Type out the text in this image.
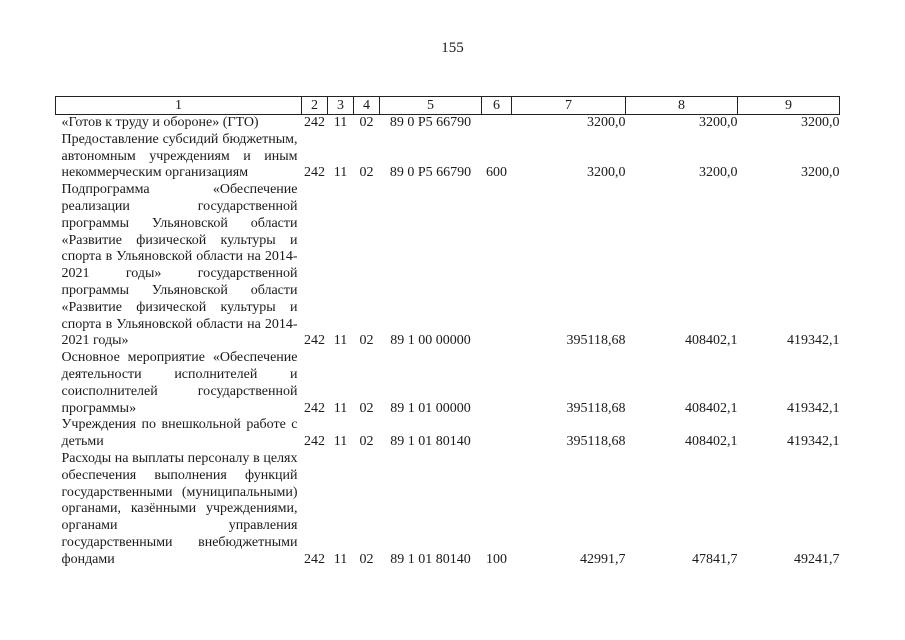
155
1	2	3	4	5	6	7	8	9
«Готов к труду и обороне» (ГТО)	242	11	02	89 0 P5 66790		3200,0	3200,0	3200,0
Предоставление субсидий бюджетным, автономным учреждениям и иным некоммерческим организациям	242	11	02	89 0 P5 66790	600	3200,0	3200,0	3200,0
Подпрограмма «Обеспечение реализации государственной программы Ульяновской области «Развитие физической культуры и спорта в Ульяновской области на 2014-2021 годы» государственной программы Ульяновской области «Развитие физической культуры и спорта в Ульяновской области на 2014-2021 годы»	242	11	02	89 1 00 00000		395118,68	408402,1	419342,1
Основное мероприятие «Обеспечение деятельности исполнителей и соисполнителей государственной программы»	242	11	02	89 1 01 00000		395118,68	408402,1	419342,1
Учреждения по внешкольной работе с детьми	242	11	02	89 1 01 80140		395118,68	408402,1	419342,1
Расходы на выплаты персоналу в целях обеспечения выполнения функций государственными (муниципальными) органами, казёнными учреждениями, органами управления государственными внебюджетными фондами	242	11	02	89 1 01 80140	100	42991,7	47841,7	49241,7
